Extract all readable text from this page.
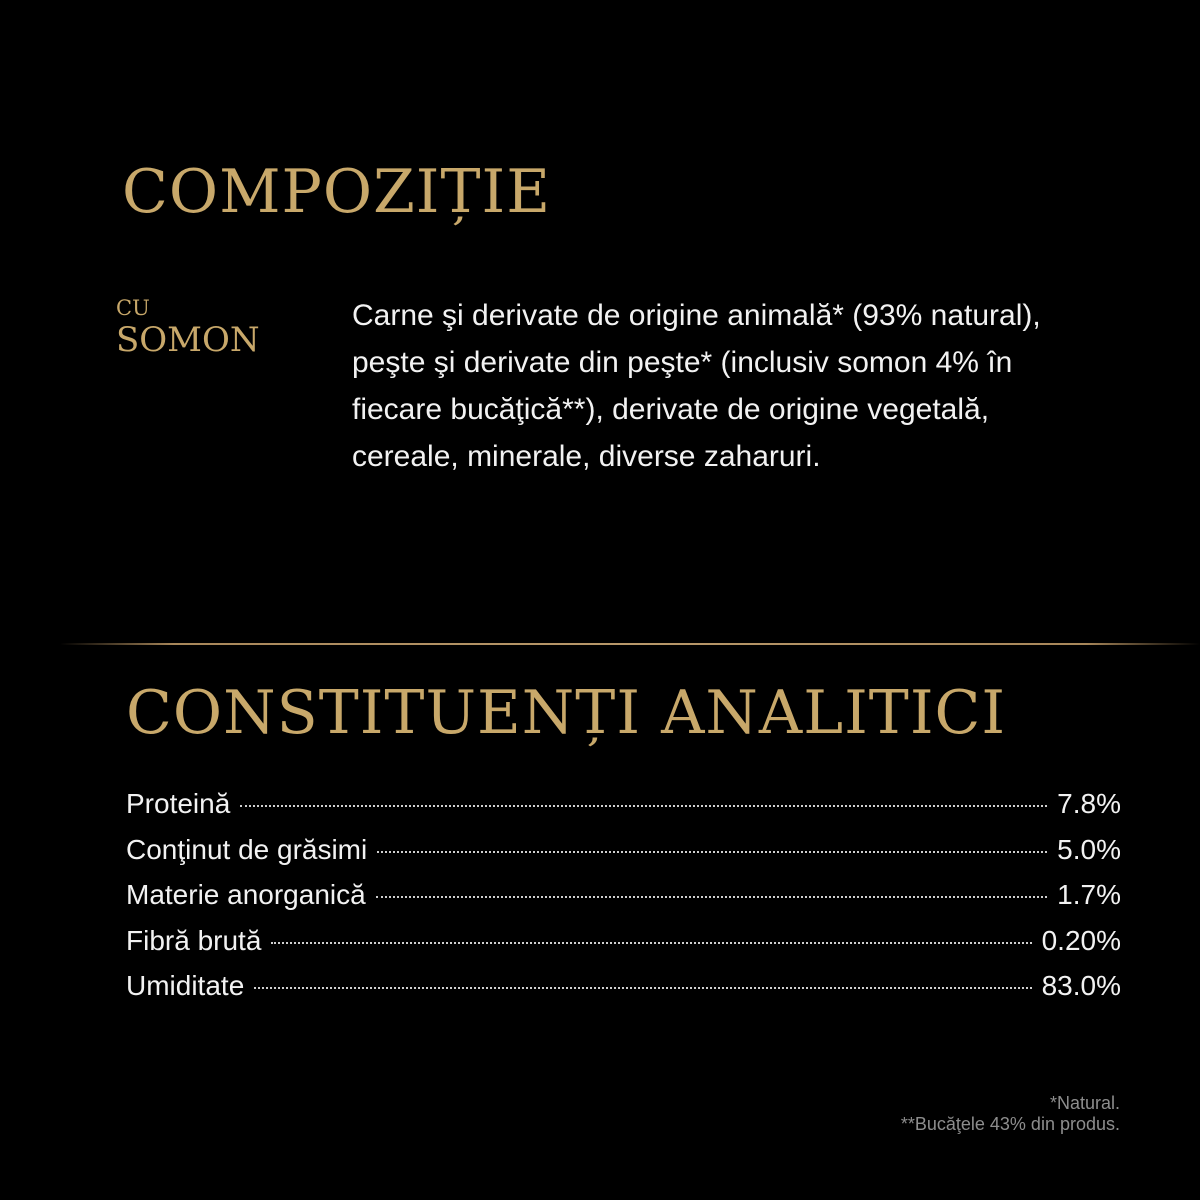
COMPOZIȚIE
CU
SOMON

Carne şi derivate de origine animală* (93% natural), peşte şi derivate din peşte* (inclusiv somon 4% în fiecare bucăţică**), derivate de origine vegetală, cereale, minerale, diverse zaharuri.

CONSTITUENȚI ANALITICI
Proteină	7.8%
Conţinut de grăsimi	5.0%
Materie anorganică	1.7%
Fibră brută	0.20%
Umiditate	83.0%
*Natural.
**Bucăţele 43% din produs.
